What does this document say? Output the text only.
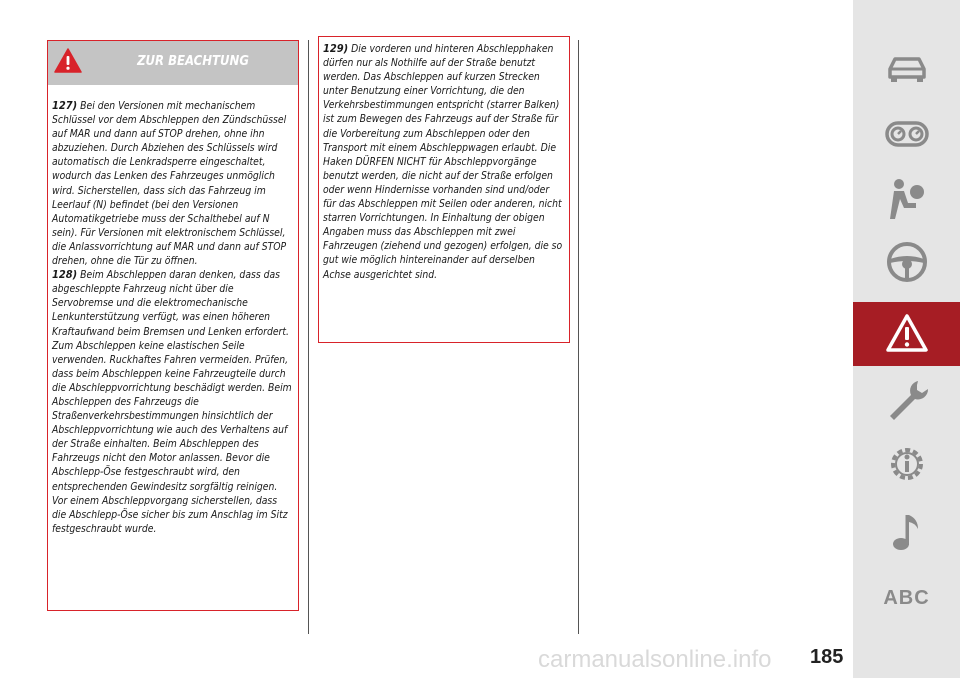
ZUR BEACHTUNG

127) Bei den Versionen mit mechanischem Schlüssel vor dem Abschleppen den Zündschüssel auf MAR und dann auf STOP drehen, ohne ihn abzuziehen. Durch Abziehen des Schlüssels wird automatisch die Lenkradsperre eingeschaltet, wodurch das Lenken des Fahrzeuges unmöglich wird. Sicherstellen, dass sich das Fahrzeug im Leerlauf (N) befindet (bei den Versionen Automatikgetriebe muss der Schalthebel auf N sein). Für Versionen mit elektronischem Schlüssel, die Anlassvorrichtung auf MAR und dann auf STOP drehen, ohne die Tür zu öffnen.

128) Beim Abschleppen daran denken, dass das abgeschleppte Fahrzeug nicht über die Servobremse und die elektromechanische Lenkunterstützung verfügt, was einen höheren Kraftaufwand beim Bremsen und Lenken erfordert. Zum Abschleppen keine elastischen Seile verwenden. Ruckhaftes Fahren vermeiden. Prüfen, dass beim Abschleppen keine Fahrzeugteile durch die Abschleppvorrichtung beschädigt werden. Beim Abschleppen des Fahrzeugs die Straßenverkehrsbestimmungen hinsichtlich der Abschleppvorrichtung wie auch des Verhaltens auf der Straße einhalten. Beim Abschleppen des Fahrzeugs nicht den Motor anlassen. Bevor die Abschlepp-Öse festgeschraubt wird, den entsprechenden Gewindesitz sorgfältig reinigen. Vor einem Abschleppvorgang sicherstellen, dass die Abschlepp-Öse sicher bis zum Anschlag im Sitz festgeschraubt wurde.

129) Die vorderen und hinteren Abschlepphaken dürfen nur als Nothilfe auf der Straße benutzt werden. Das Abschleppen auf kurzen Strecken unter Benutzung einer Vorrichtung, die den Verkehrsbestimmungen entspricht (starrer Balken) ist zum Bewegen des Fahrzeugs auf der Straße für die Vorbereitung zum Abschleppen oder den Transport mit einem Abschleppwagen erlaubt. Die Haken DÜRFEN NICHT für Abschleppvorgänge benutzt werden, die nicht auf der Straße erfolgen oder wenn Hindernisse vorhanden sind und/oder für das Abschleppen mit Seilen oder anderen, nicht starren Vorrichtungen. In Einhaltung der obigen Angaben muss das Abschleppen mit zwei Fahrzeugen (ziehend und gezogen) erfolgen, die so gut wie möglich hintereinander auf derselben Achse ausgerichtet sind.

ABC
carmanualsonline.info 185
